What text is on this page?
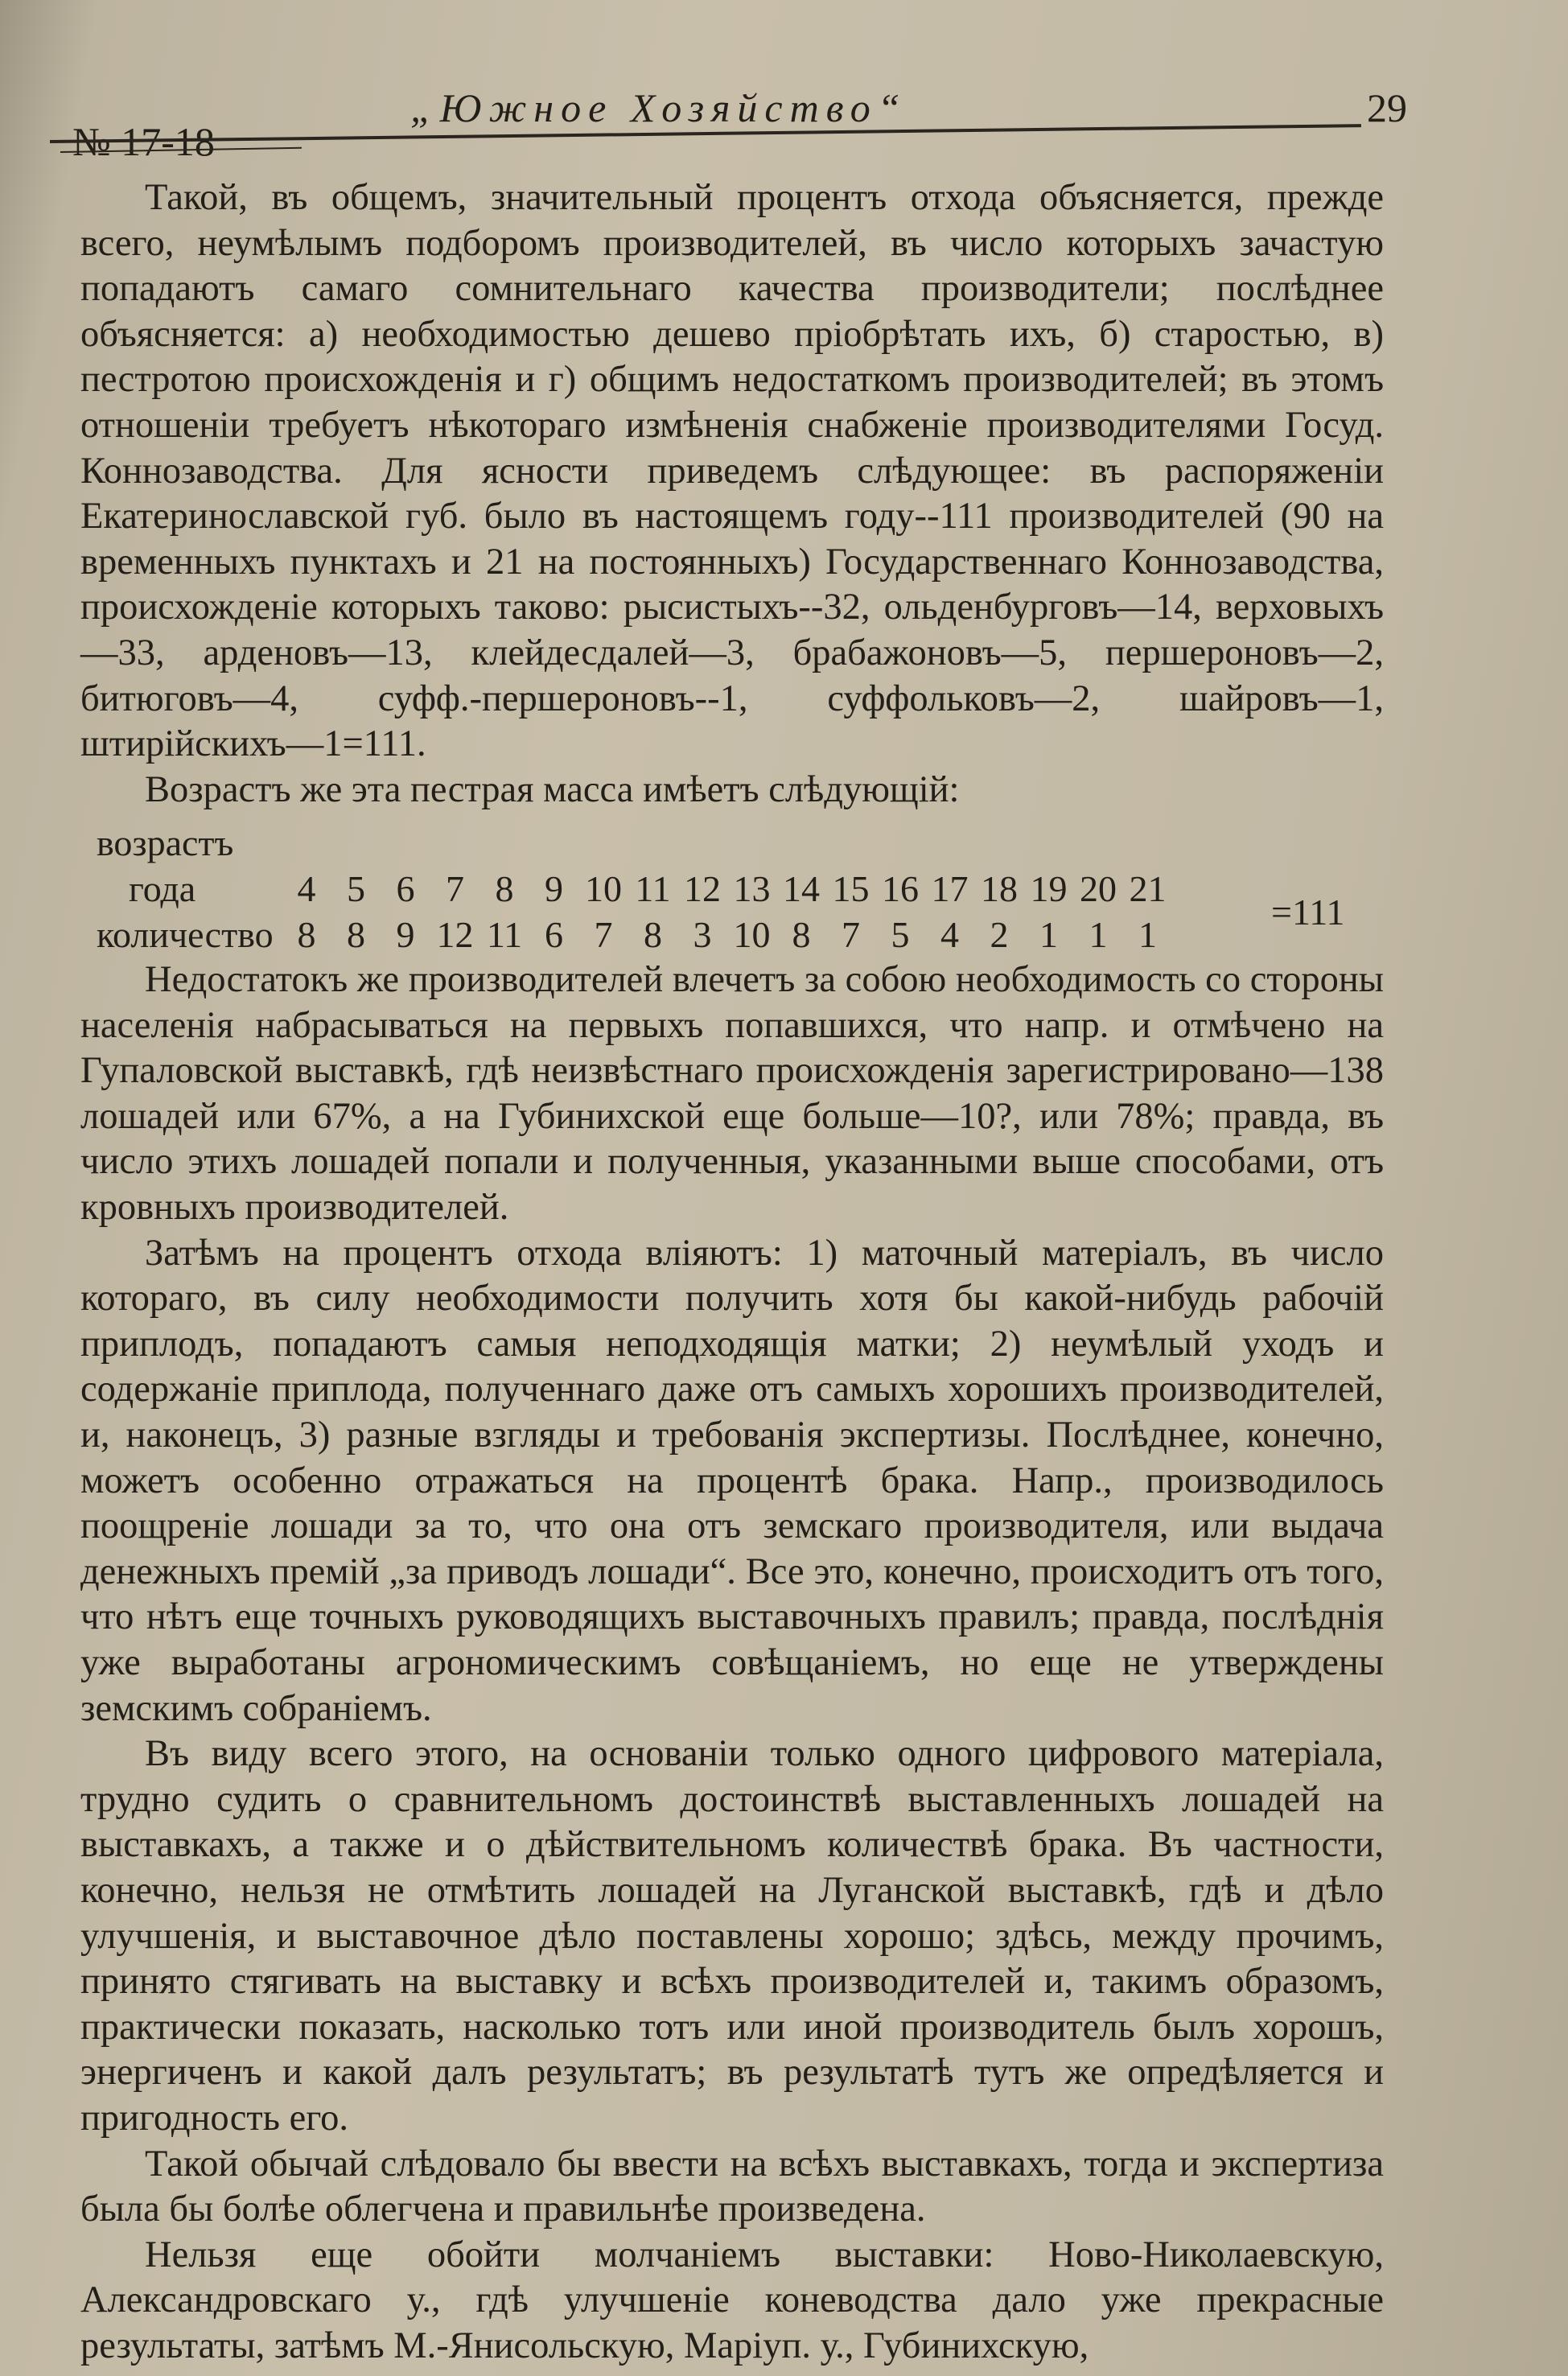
№ 17-18
„Южное Хозяйство“	29

Такой, въ общемъ, значительный процентъ отхода объясняется, прежде всего, неумѣлымъ подборомъ производителей, въ число которыхъ зачастую попадаютъ самаго сомнительнаго качества производители; послѣднее объясняется: а) необходимостью дешево пріобрѣтать ихъ, б) старостью, в) пестротою происхожденія и г) общимъ недостаткомъ производителей; въ этомъ отношеніи требуетъ нѣкотораго измѣненія снабженіе производителями Госуд. Коннозаводства. Для ясности приведемъ слѣдующее: въ распоряженіи Екатеринославской губ. было въ настоящемъ году--111 производителей (90 на временныхъ пунктахъ и 21 на постоянныхъ) Государственнаго Коннозаводства, происхожденіе которыхъ таково: рысистыхъ--32, ольденбурговъ—14, верховыхъ—33, арденовъ—13, клейдесдалей—3, брабажоновъ—5, першероновъ—2, битюговъ—4, суфф.-першероновъ--1, суффольковъ—2, шайровъ—1, штирійскихъ—1=111.

Возрастъ же эта пестрая масса имѣетъ слѣдующій:

возрастъ
года	4 5 6 7 8 9 10 11 12 13 14 15 16 17 18 19 20 21
количество
=111
8 8 9 12 11 6 7 8 3 10 8 7 5 4 2 1 1 1

Недостатокъ же производителей влечетъ за собою необходимость со стороны населенія набрасываться на первыхъ попавшихся, что напр. и отмѣчено на Гупаловской выставкѣ, гдѣ неизвѣстнаго происхожденія зарегистрировано—138 лошадей или 67%, а на Губинихской еще больше—10?, или 78%; правда, въ число этихъ лошадей попали и полученныя, указанными выше способами, отъ кровныхъ производителей.

Затѣмъ на процентъ отхода вліяютъ: 1) маточный матеріалъ, въ число котораго, въ силу необходимости получить хотя бы какой-нибудь рабочій приплодъ, попадаютъ самыя неподходящія матки; 2) неумѣлый уходъ и содержаніе приплода, полученнаго даже отъ самыхъ хорошихъ производителей, и, наконецъ, 3) разные взгляды и требованія экспертизы. Послѣднее, конечно, можетъ особенно отражаться на процентѣ брака. Напр., производилось поощреніе лошади за то, что она отъ земскаго производителя, или выдача денежныхъ премій „за приводъ лошади“. Все это, конечно, происходитъ отъ того, что нѣтъ еще точныхъ руководящихъ выставочныхъ правилъ; правда, послѣднія уже выработаны агрономическимъ совѣщаніемъ, но еще не утверждены земскимъ собраніемъ.

Въ виду всего этого, на основаніи только одного цифрового матеріала, трудно судить о сравнительномъ достоинствѣ выставленныхъ лошадей на выставкахъ, а также и о дѣйствительномъ количествѣ брака. Въ частности, конечно, нельзя не отмѣтить лошадей на Луганской выставкѣ, гдѣ и дѣло улучшенія, и выставочное дѣло поставлены хорошо; здѣсь, между прочимъ, принято стягивать на выставку и всѣхъ производителей и, такимъ образомъ, практически показать, насколько тотъ или иной производитель былъ хорошъ, энергиченъ и какой далъ результатъ; въ результатѣ тутъ же опредѣляется и пригодность его.

Такой обычай слѣдовало бы ввести на всѣхъ выставкахъ, тогда и экспертиза была бы болѣе облегчена и правильнѣе произведена.

Нельзя еще обойти молчаніемъ выставки: Ново-Николаевскую, Александровскаго у., гдѣ улучшеніе коневодства дало уже прекрасные результаты, затѣмъ М.-Янисольскую, Маріуп. у., Губинихскую,
